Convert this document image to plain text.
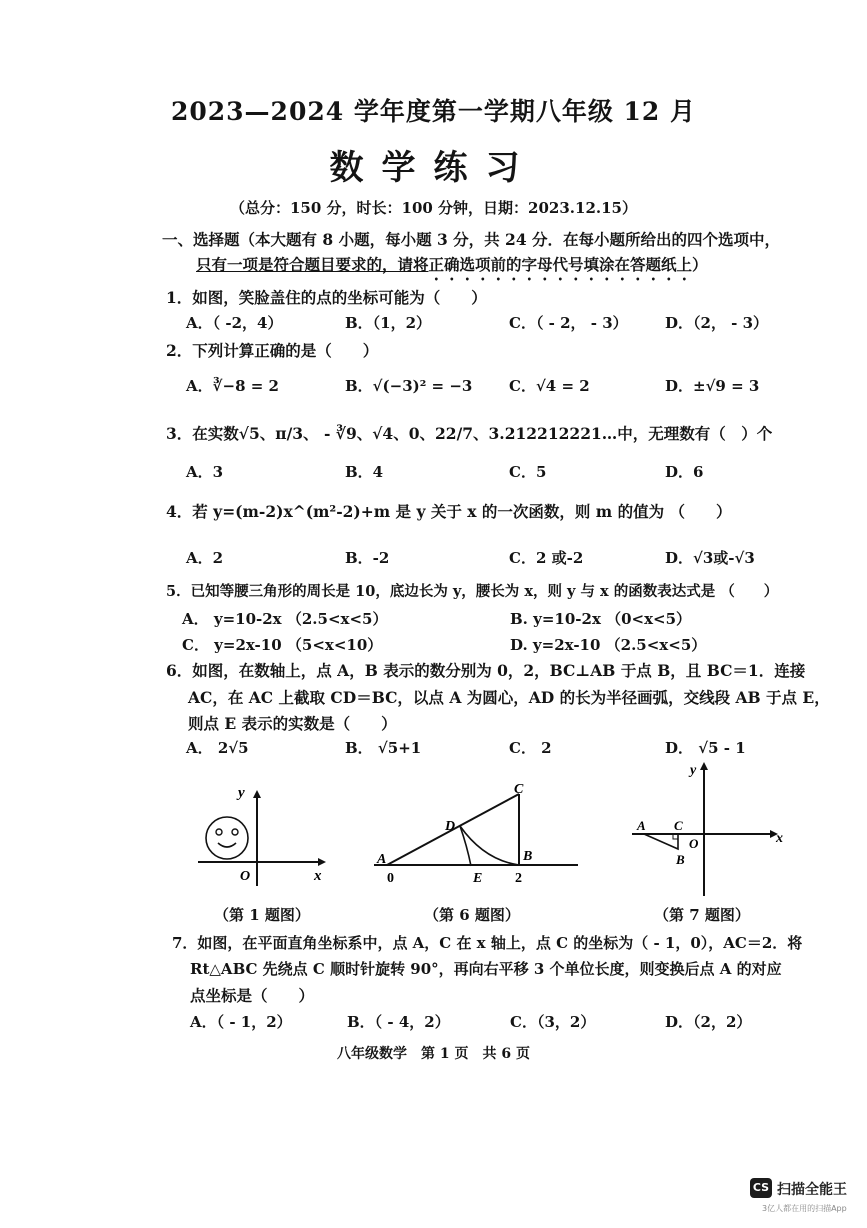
2023—2024 学年度第一学期八年级 12 月
数学练习
（总分：150 分，时长：100 分钟，日期：2023.12.15）
一、选择题（本大题有 8 小题，每小题 3 分，共 24 分．在每小题所给出的四个选项中，
只有一项是符合题目要求的，请将正确选项前的字母代号填涂在答题纸上）
1．如图，笑脸盖住的点的坐标可能为（　　）
A．（ -2，4）	B．（1，2）	C．（ - 2， - 3） D．（2， - 3）
2．下列计算正确的是（　　）
A．∛−8 = 2	B．√(−3)² = −3 C．√4 = 2	D．±√9 = 3
3．在实数√5、π/3、 - ∛9、√4、0、22/7、3.212212221…中，无理数有（　）个
A．3	B．4	C．5	D．6
4．若 y=(m-2)x^(m²-2)+m 是 y 关于 x 的一次函数，则 m 的值为 （　　）
A．2	B．-2	C．2 或-2	D．√3或-√3
5．已知等腰三角形的周长是 10，底边长为 y，腰长为 x，则 y 与 x 的函数表达式是 （　　）
A． y=10-2x （2.5<x<5）	B. y=10-2x （0<x<5）
C． y=2x-10 （5<x<10）	D. y=2x-10 （2.5<x<5）
6．如图，在数轴上，点 A，B 表示的数分别为 0，2，BC⊥AB 于点 B，且 BC＝1．连接
AC，在 AC 上截取 CD＝BC，以点 A 为圆心，AD 的长为半径画弧，交线段 AB 于点 E，
则点 E 表示的实数是（　　）
A． 2√5	B． √5+1	C． 2	D． √5 - 1
O	x
y
A
0
D
E
C
B
2
y
x
A C
O
B
（第 1 题图）	（第 6 题图）	（第 7 题图）
7．如图，在平面直角坐标系中，点 A，C 在 x 轴上，点 C 的坐标为（ - 1，0），AC＝2．将
Rt△ABC 先绕点 C 顺时针旋转 90°，再向右平移 3 个单位长度，则变换后点 A 的对应
点坐标是（　　）
A．（ - 1，2）	B．（ - 4，2）	C．（3，2）	D．（2，2）
八年级数学　第 1 页　共 6 页
CS 扫描全能王
3亿人都在用的扫描App
